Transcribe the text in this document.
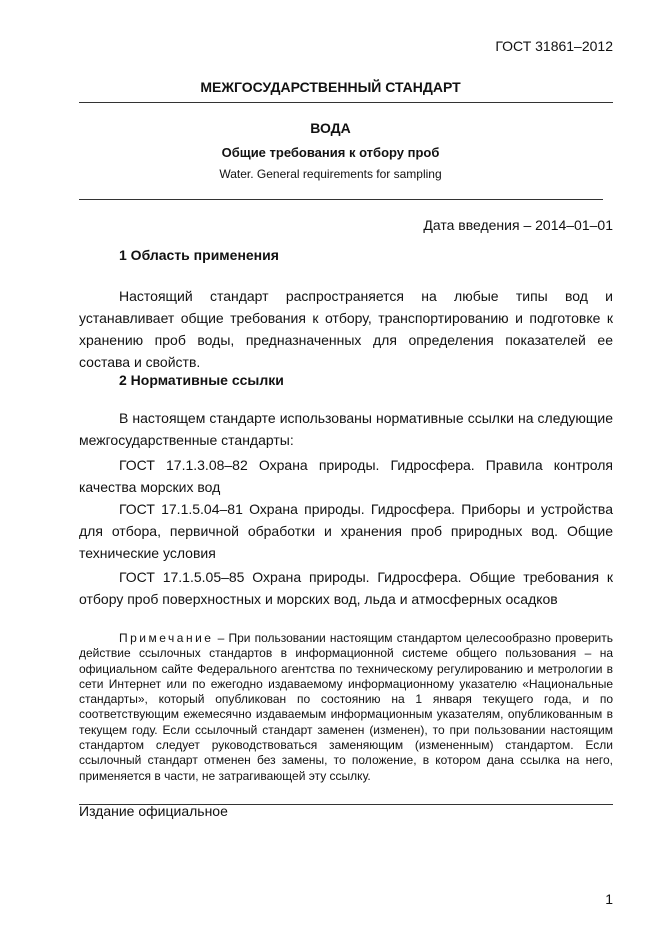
ГОСТ 31861–2012
МЕЖГОСУДАРСТВЕННЫЙ СТАНДАРТ
ВОДА
Общие требования к отбору проб
Water. General requirements for sampling
Дата введения – 2014–01–01
1 Область применения

Настоящий стандарт распространяется на любые типы вод и устанавливает общие требования к отбору, транспортированию и подготовке к хранению проб воды, предназначенных для определения показателей ее состава и свойств.

2 Нормативные ссылки

В настоящем стандарте использованы нормативные ссылки на следующие межгосударственные стандарты:

ГОСТ 17.1.3.08–82 Охрана природы. Гидросфера. Правила контроля качества морских вод

ГОСТ 17.1.5.04–81 Охрана природы. Гидросфера. Приборы и устройства для отбора, первичной обработки и хранения проб природных вод. Общие технические условия

ГОСТ 17.1.5.05–85 Охрана природы. Гидросфера. Общие требования к отбору проб поверхностных и морских вод, льда и атмосферных осадков

Примечание – При пользовании настоящим стандартом целесообразно проверить действие ссылочных стандартов в информационной системе общего пользования – на официальном сайте Федерального агентства по техническому регулированию и метрологии в сети Интернет или по ежегодно издаваемому информационному указателю «Национальные стандарты», который опубликован по состоянию на 1 января текущего года, и по соответствующим ежемесячно издаваемым информационным указателям, опубликованным в текущем году. Если ссылочный стандарт заменен (изменен), то при пользовании настоящим стандартом следует руководствоваться заменяющим (измененным) стандартом. Если ссылочный стандарт отменен без замены, то положение, в котором дана ссылка на него, применяется в части, не затрагивающей эту ссылку.

Издание официальное
1
